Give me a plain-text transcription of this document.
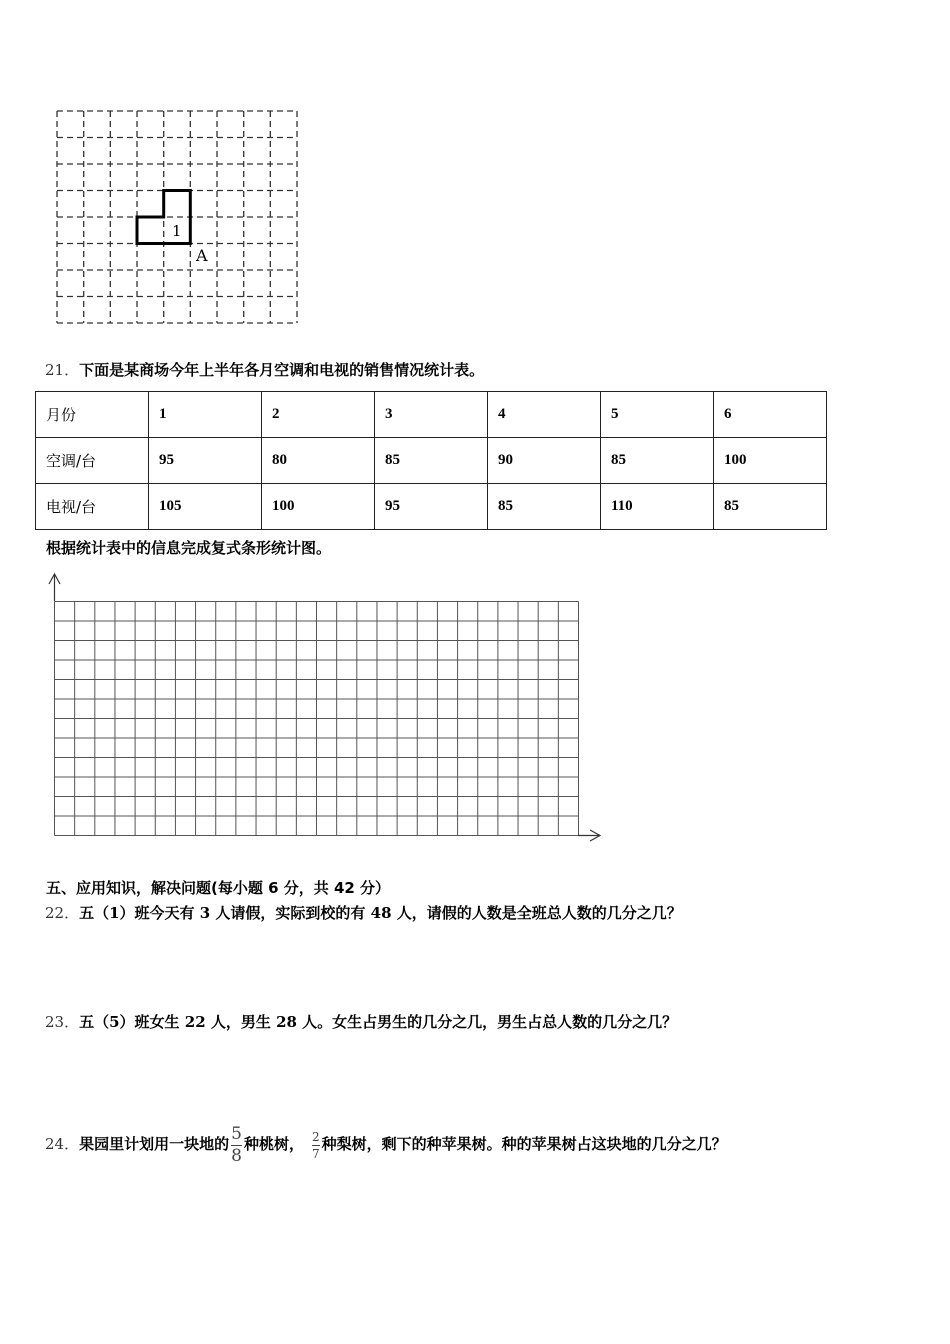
1
A
21．下面是某商场今年上半年各月空调和电视的销售情况统计表。
月份	1	2	3	4	5	6
空调/台	95	80	85	90	85	100
电视/台	105	100	95	85	110	85
根据统计表中的信息完成复式条形统计图。
五、应用知识，解决问题(每小题 6 分，共 42 分）
22．五（1）班今天有 3 人请假，实际到校的有 48 人，请假的人数是全班总人数的几分之几？
23．五（5）班女生 22 人，男生 28 人。女生占男生的几分之几，男生占总人数的几分之几？
24．果园里计划用一块地的 $\frac{5}{8}$ 种桃树， $\frac{2}{7}$ 种梨树，剩下的种苹果树。种的苹果树占这块地的几分之几？
